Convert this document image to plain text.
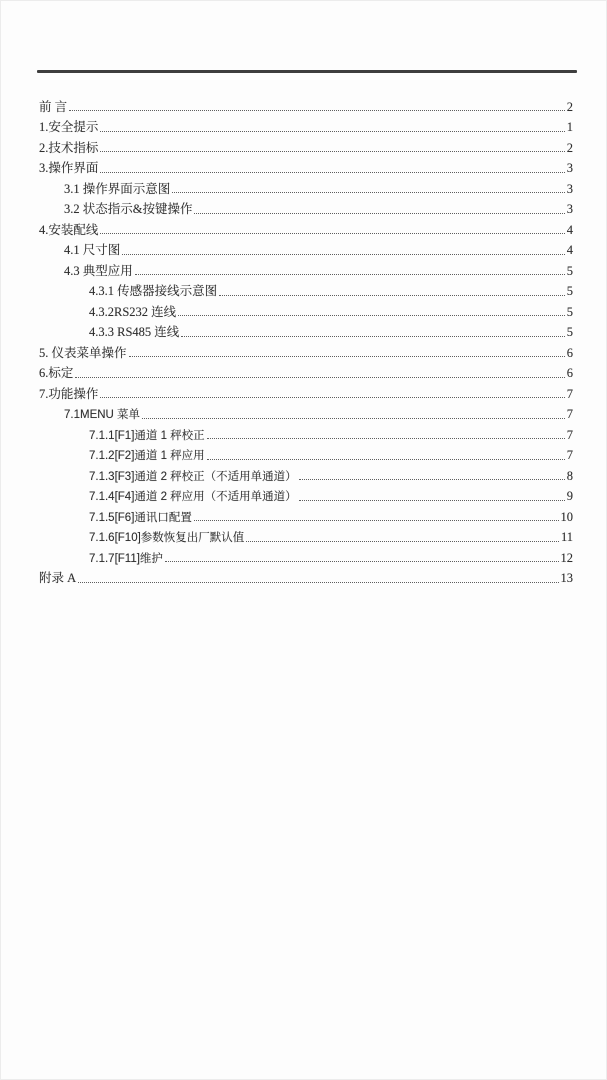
前 言	2
1.安全提示	1
2.技术指标	2
3.操作界面	3
3.1 操作界面示意图	3
3.2 状态指示&按键操作	3
4.安装配线	4
4.1 尺寸图	4
4.3 典型应用	5
4.3.1 传感器接线示意图	5
4.3.2RS232 连线	5
4.3.3 RS485 连线	5
5. 仪表菜单操作	6
6.标定	6
7.功能操作	7
7.1MENU 菜单	7
7.1.1[F1]通道 1 秤校正	7
7.1.2[F2]通道 1 秤应用	7
7.1.3[F3]通道 2 秤校正（不适用单通道）	8
7.1.4[F4]通道 2 秤应用（不适用单通道）	9
7.1.5[F6]通讯口配置	10
7.1.6[F10]参数恢复出厂默认值	11
7.1.7[F11]维护	12
附录 A	13
